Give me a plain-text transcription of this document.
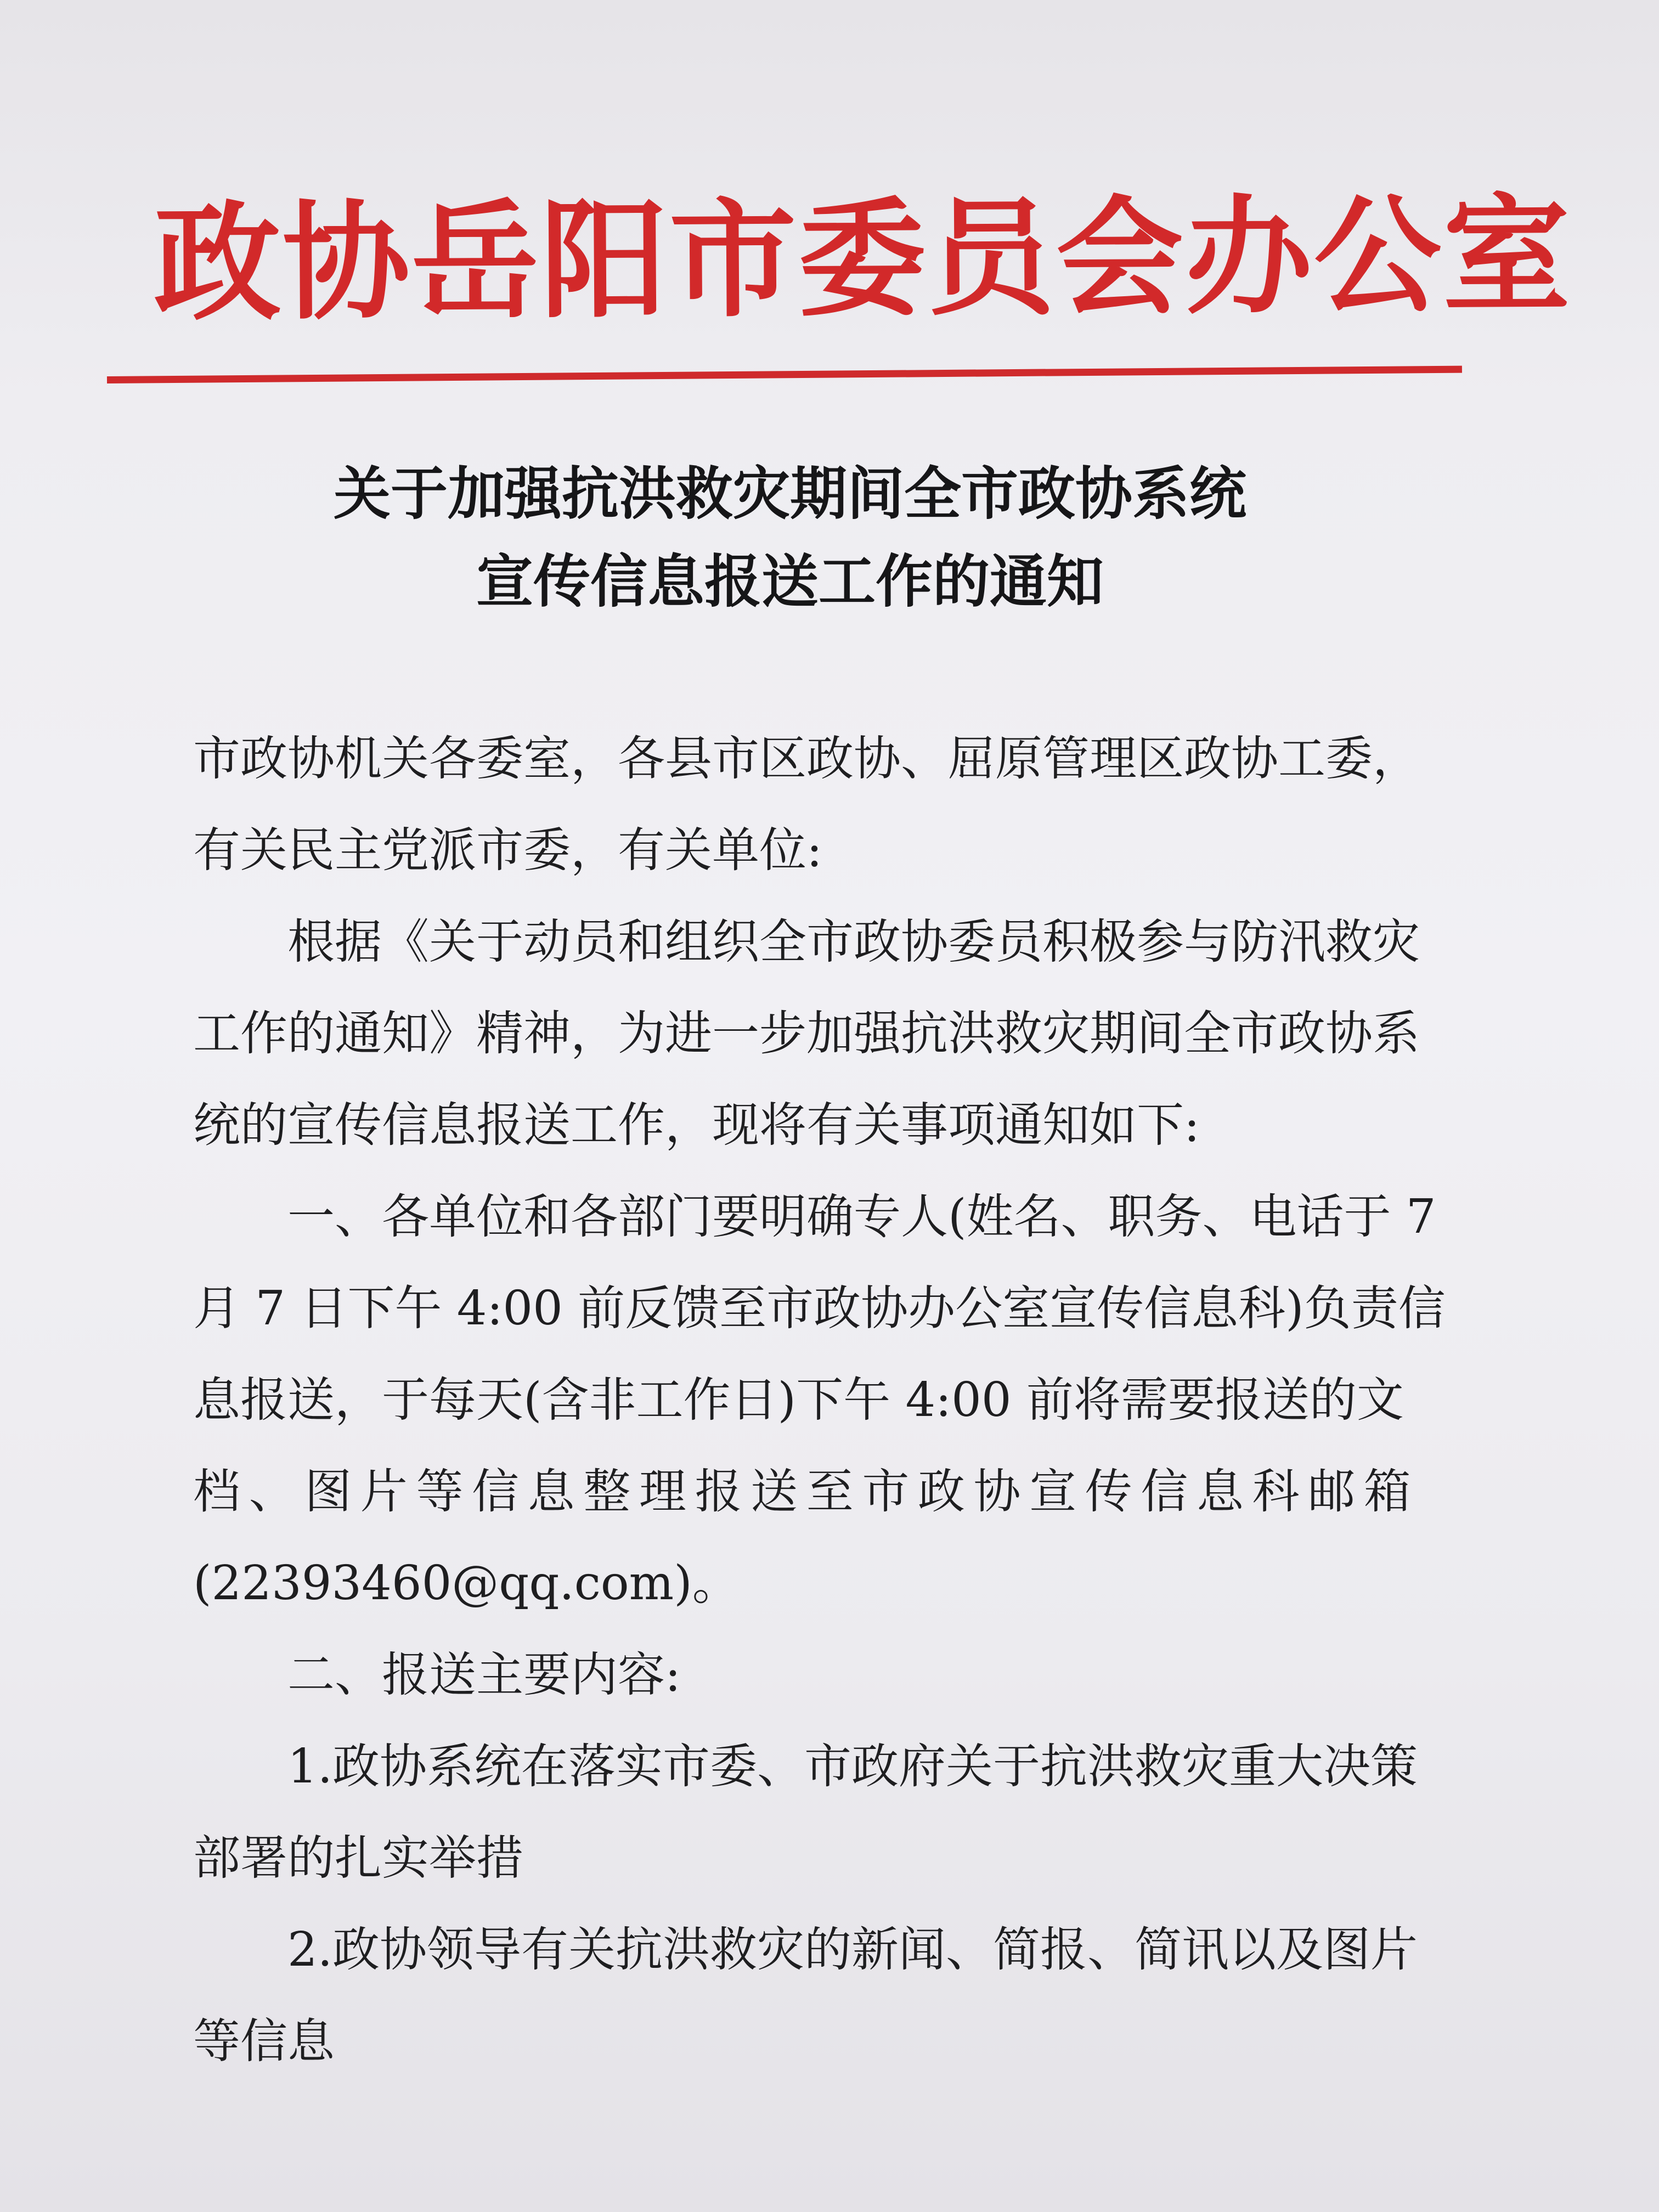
政协岳阳市委员会办公室
关于加强抗洪救灾期间全市政协系统
宣传信息报送工作的通知
市政协机关各委室，各县市区政协、屈原管理区政协工委，
有关民主党派市委，有关单位:
根据《关于动员和组织全市政协委员积极参与防汛救灾
工作的通知》精神，为进一步加强抗洪救灾期间全市政协系
统的宣传信息报送工作，现将有关事项通知如下:
一、各单位和各部门要明确专人(姓名、职务、电话于 7
月 7 日下午 4:00 前反馈至市政协办公室宣传信息科)负责信
息报送，于每天(含非工作日)下午 4:00 前将需要报送的文
档 、 图 片 等 信 息 整 理 报 送 至 市 政 协 宣 传 信 息 科 邮 箱
(22393460@qq.com)。
二、报送主要内容:
1.政协系统在落实市委、市政府关于抗洪救灾重大决策
部署的扎实举措
2.政协领导有关抗洪救灾的新闻、简报、简讯以及图片
等信息
